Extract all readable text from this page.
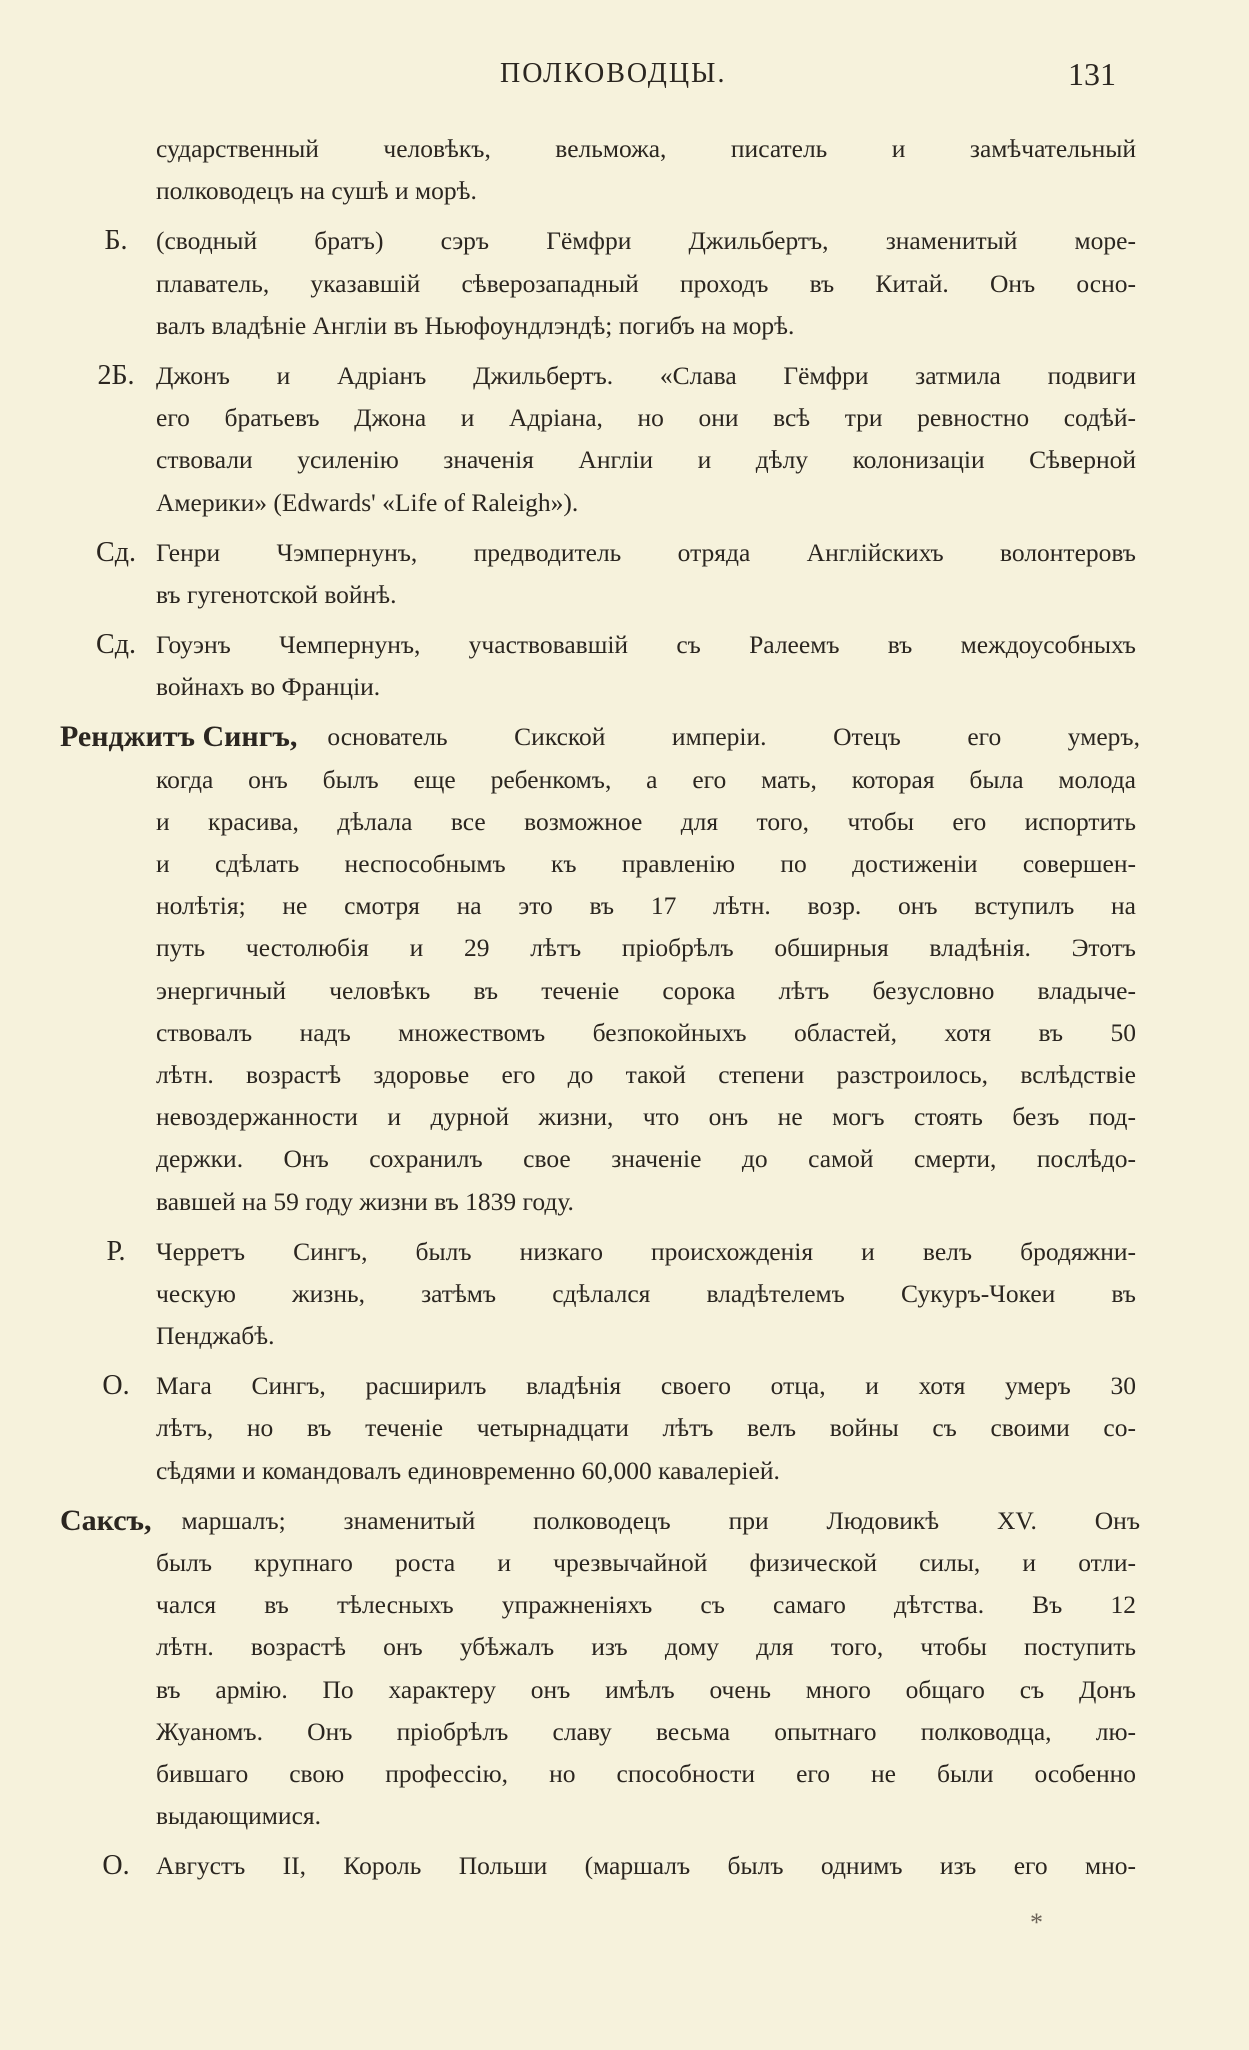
ПОЛКОВОДЦЫ.	131
сударственный человѣкъ, вельможа, писатель и замѣчательный
полководецъ на сушѣ и морѣ.
Б.	(сводный братъ) сэръ Гёмфри Джильбертъ, знаменитый море-
плаватель, указавшій сѣверозападный проходъ въ Китай. Онъ осно-
валъ владѣніе Англіи въ Ньюфоундлэндѣ; погибъ на морѣ.
2Б. Джонъ и Адріанъ Джильбертъ. «Слава Гёмфри затмила подвиги
его братьевъ Джона и Адріана, но они всѣ три ревностно содѣй-
ствовали усиленію значенія Англіи и дѣлу колонизаціи Сѣверной
Америки» (Edwards' «Life of Raleigh»).
Сд. Генри Чэмпернунъ, предводитель отряда Англійскихъ волонтеровъ
въ гугенотской войнѣ.
Сд. Гоуэнъ Чемпернунъ, участвовавшій съ Ралеемъ въ междоусобныхъ
войнахъ во Франціи.
Ренджитъ Сингъ, основатель Сикской имперіи. Отецъ его умеръ,
когда онъ былъ еще ребенкомъ, а его мать, которая была молода
и красива, дѣлала все возможное для того, чтобы его испортить
и сдѣлать неспособнымъ къ правленію по достиженіи совершен-
нолѣтія; не смотря на это въ 17 лѣтн. возр. онъ вступилъ на
путь честолюбія и 29 лѣтъ пріобрѣлъ обширныя владѣнія. Этотъ
энергичный человѣкъ въ теченіе сорока лѣтъ безусловно владыче-
ствовалъ надъ множествомъ безпокойныхъ областей, хотя въ 50
лѣтн. возрастѣ здоровье его до такой степени разстроилось, вслѣдствіе
невоздержанности и дурной жизни, что онъ не могъ стоять безъ под-
держки. Онъ сохранилъ свое значеніе до самой смерти, послѣдо-
вавшей на 59 году жизни въ 1839 году.
Р.	Черретъ Сингъ, былъ низкаго происхожденія и велъ бродяжни-
ческую жизнь, затѣмъ сдѣлался владѣтелемъ Сукуръ-Чокеи въ
Пенджабѣ.
О.	Мага Сингъ, расширилъ владѣнія своего отца, и хотя умеръ 30
лѣтъ, но въ теченіе четырнадцати лѣтъ велъ войны съ своими со-
сѣдями и командовалъ единовременно 60,000 кавалеріей.
Саксъ, маршалъ; знаменитый полководецъ при Людовикѣ XV. Онъ
былъ крупнаго роста и чрезвычайной физической силы, и отли-
чался въ тѣлесныхъ упражненіяхъ съ самаго дѣтства. Въ 12
лѣтн. возрастѣ онъ убѣжалъ изъ дому для того, чтобы поступить
въ армію. По характеру онъ имѣлъ очень много общаго съ Донъ
Жуаномъ. Онъ пріобрѣлъ славу весьма опытнаго полководца, лю-
бившаго свою профессію, но способности его не были особенно
выдающимися.
О.	Августъ II, Король Польши (маршалъ былъ однимъ изъ его мно-
*
